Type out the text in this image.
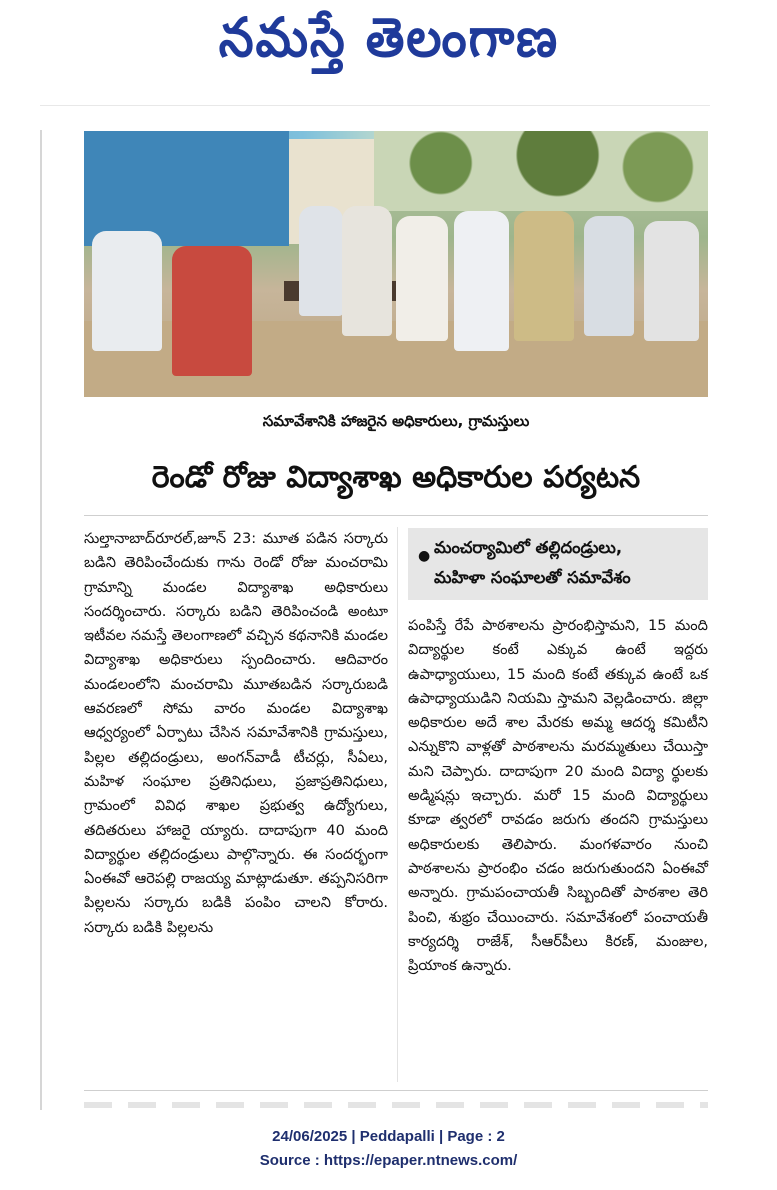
నమస్తే తెలంగాణ
సమావేశానికి హాజరైన అధికారులు, గ్రామస్తులు
రెండో రోజు విద్యాశాఖ అధికారుల పర్యటన

సుల్తానాబాద్‌రూరల్,జూన్ 23: మూత పడిన సర్కారు బడిని తెరిపించేందుకు గాను రెండో రోజు మంచరామి గ్రామాన్ని మండల విద్యాశాఖ అధికారులు సందర్శించారు. సర్కారు బడిని తెరిపించండి అంటూ ఇటీవల నమస్తే తెలంగాణలో వచ్చిన కథనానికి మండల విద్యాశాఖ అధికారులు స్పందించారు. ఆదివారం మండలంలోని మంచరామి మూతబడిన సర్కారుబడి ఆవరణలో సోమ వారం మండల విద్యాశాఖ ఆధ్వర్యంలో ఏర్పాటు చేసిన సమావేశానికి గ్రామస్తులు, పిల్లల తల్లిదండ్రులు, అంగన్‌వాడీ టీచర్లు, సీఏలు, మహిళ సంఘాల ప్రతినిధులు, ప్రజాప్రతినిధులు, గ్రామంలో వివిధ శాఖల ప్రభుత్వ ఉద్యోగులు, తదితరులు హాజరై య్యారు. దాదాపుగా 40 మంది విద్యార్థుల తల్లిదండ్రులు పాల్గొన్నారు. ఈ సందర్భంగా ఏంఈవో ఆరెపల్లి రాజయ్య మాట్లాడుతూ. తప్పనిసరిగా పిల్లలను సర్కారు బడికి పంపిం చాలని కోరారు. సర్కారు బడికి పిల్లలను

● మంచర్యామిలో తల్లిదండ్రులు,
మహిళా సంఘాలతో సమావేశం

పంపిస్తే రేపే పాఠశాలను ప్రారంభిస్తామని, 15 మంది విద్యార్థుల కంటే ఎక్కువ ఉంటే ఇద్దరు ఉపాధ్యాయులు, 15 మంది కంటే తక్కువ ఉంటే ఒక ఉపాధ్యాయుడిని నియమి స్తామని వెల్లడించారు. జిల్లా అధికారుల అదే శాల మేరకు అమ్మ ఆదర్శ కమిటీని ఎన్నుకొని వాళ్లతో పాఠశాలను మరమ్మతులు చేయిస్తా మని చెప్పారు. దాదాపుగా 20 మంది విద్యా ర్థులకు అడ్మిషన్లు ఇచ్చారు. మరో 15 మంది విద్యార్థులు కూడా త్వరలో రావడం జరుగు తందని గ్రామస్తులు అధికారులకు తెలిపారు. మంగళవారం నుంచి పాఠశాలను ప్రారంభిం చడం జరుగుతుందని ఏంఈవో అన్నారు. గ్రామపంచాయతీ సిబ్బందితో పాఠశాల తెరి పించి, శుభ్రం చేయించారు. సమావేశంలో పంచాయతీ కార్యదర్శి రాజేశ్, సీఆర్‌పీలు కిరణ్, మంజుల, ప్రియాంక ఉన్నారు.

24/06/2025 | Peddapalli | Page : 2
Source : https://epaper.ntnews.com/
